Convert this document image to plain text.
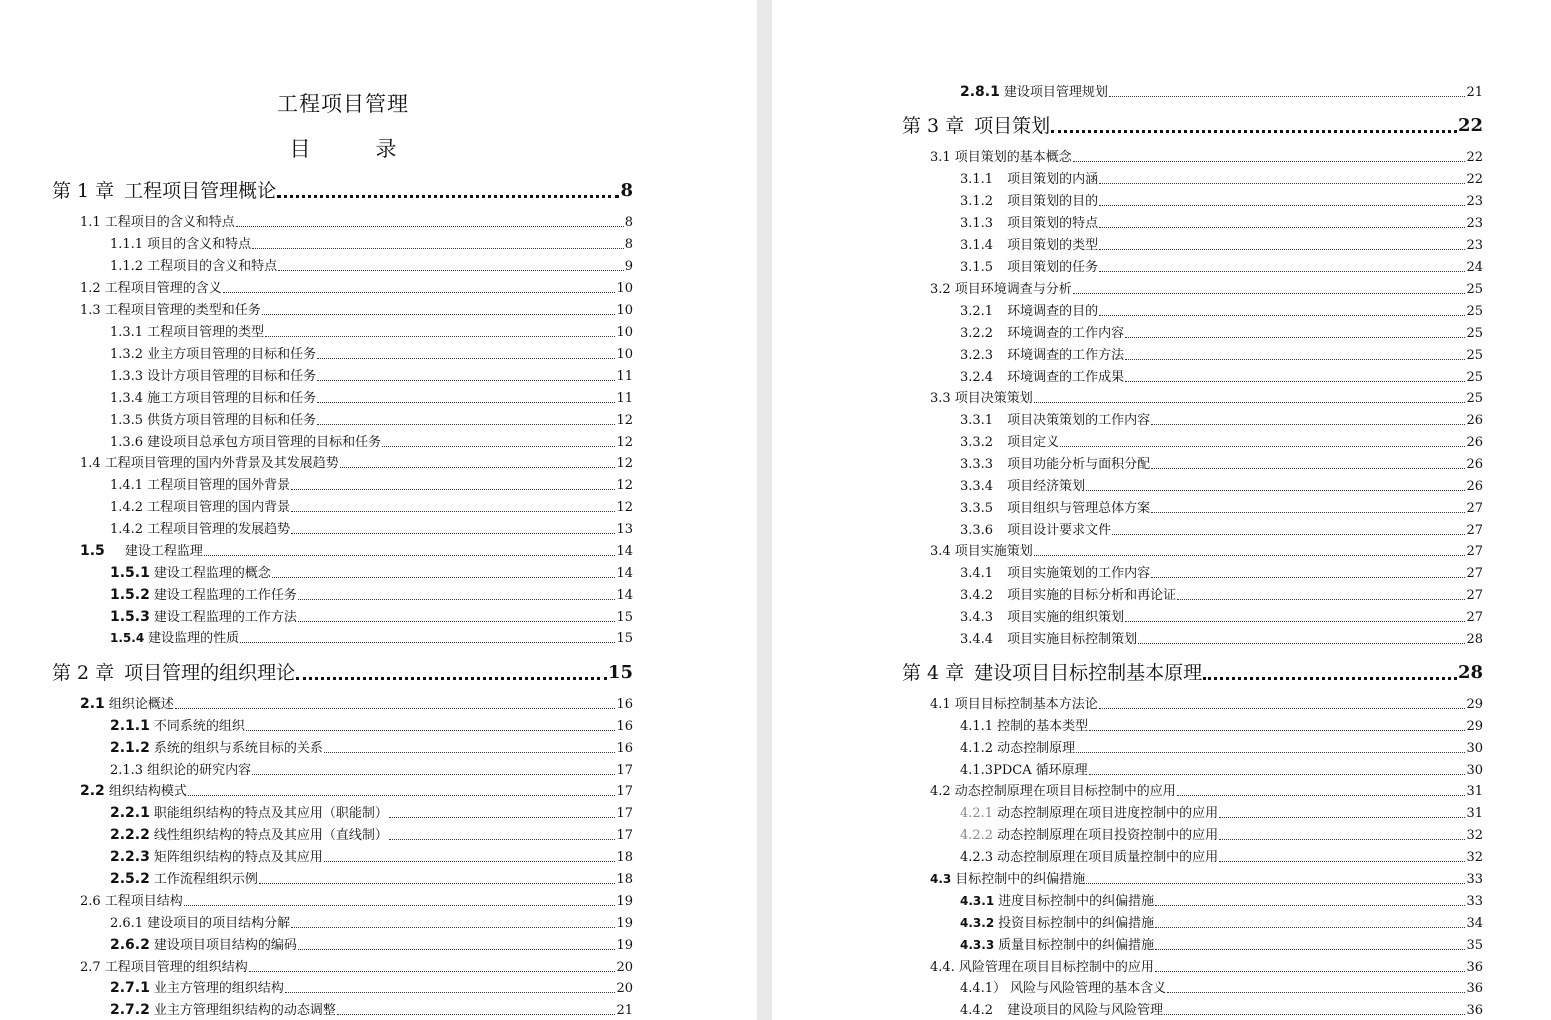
工程项目管理
目　录
第 1 章 工程项目管理概论	8
1.1 工程项目的含义和特点	8
1.1.1 项目的含义和特点	8
1.1.2 工程项目的含义和特点	9
1.2 工程项目管理的含义	10
1.3 工程项目管理的类型和任务	10
1.3.1 工程项目管理的类型	10
1.3.2 业主方项目管理的目标和任务	10
1.3.3 设计方项目管理的目标和任务	11
1.3.4 施工方项目管理的目标和任务	11
1.3.5 供货方项目管理的目标和任务	12
1.3.6 建设项目总承包方项目管理的目标和任务	12
1.4 工程项目管理的国内外背景及其发展趋势	12
1.4.1 工程项目管理的国外背景	12
1.4.2 工程项目管理的国内背景	12
1.4.2 工程项目管理的发展趋势	13
1.5 建设工程监理	14
1.5.1 建设工程监理的概念	14
1.5.2 建设工程监理的工作任务	14
1.5.3 建设工程监理的工作方法	15
1.5.4 建设监理的性质	15
第 2 章 项目管理的组织理论	15
2.1 组织论概述	16
2.1.1 不同系统的组织	16
2.1.2 系统的组织与系统目标的关系	16
2.1.3 组织论的研究内容	17
2.2 组织结构模式	17
2.2.1 职能组织结构的特点及其应用（职能制）	17
2.2.2 线性组织结构的特点及其应用（直线制）	17
2.2.3 矩阵组织结构的特点及其应用	18
2.5.2 工作流程组织示例	18
2.6 工程项目结构	19
2.6.1 建设项目的项目结构分解	19
2.6.2 建设项目项目结构的编码	19
2.7 工程项目管理的组织结构	20
2.7.1 业主方管理的组织结构	20
2.7.2 业主方管理组织结构的动态调整	21
2.8.1 建设项目管理规划	21
第 3 章 项目策划	22
3.1 项目策划的基本概念	22
3.1.1 项目策划的内涵	22
3.1.2 项目策划的目的	23
3.1.3 项目策划的特点	23
3.1.4 项目策划的类型	23
3.1.5 项目策划的任务	24
3.2 项目环境调查与分析	25
3.2.1 环境调查的目的	25
3.2.2 环境调查的工作内容	25
3.2.3 环境调查的工作方法	25
3.2.4 环境调查的工作成果	25
3.3 项目决策策划	25
3.3.1 项目决策策划的工作内容	26
3.3.2 项目定义	26
3.3.3 项目功能分析与面积分配	26
3.3.4 项目经济策划	26
3.3.5 项目组织与管理总体方案	27
3.3.6 项目设计要求文件	27
3.4 项目实施策划	27
3.4.1 项目实施策划的工作内容	27
3.4.2 项目实施的目标分析和再论证	27
3.4.3 项目实施的组织策划	27
3.4.4 项目实施目标控制策划	28
第 4 章 建设项目目标控制基本原理	28
4.1 项目目标控制基本方法论	29
4.1.1 控制的基本类型	29
4.1.2 动态控制原理	30
4.1.3PDCA 循环原理	30
4.2 动态控制原理在项目目标控制中的应用	31
4.2.1 动态控制原理在项目进度控制中的应用	31
4.2.2 动态控制原理在项目投资控制中的应用	32
4.2.3 动态控制原理在项目质量控制中的应用	32
4.3 目标控制中的纠偏措施	33
4.3.1 进度目标控制中的纠偏措施	33
4.3.2 投资目标控制中的纠偏措施	34
4.3.3 质量目标控制中的纠偏措施	35
4.4. 风险管理在项目目标控制中的应用	36
4.4.1） 风险与风险管理的基本含义	36
4.4.2 建设项目的风险与风险管理	36
